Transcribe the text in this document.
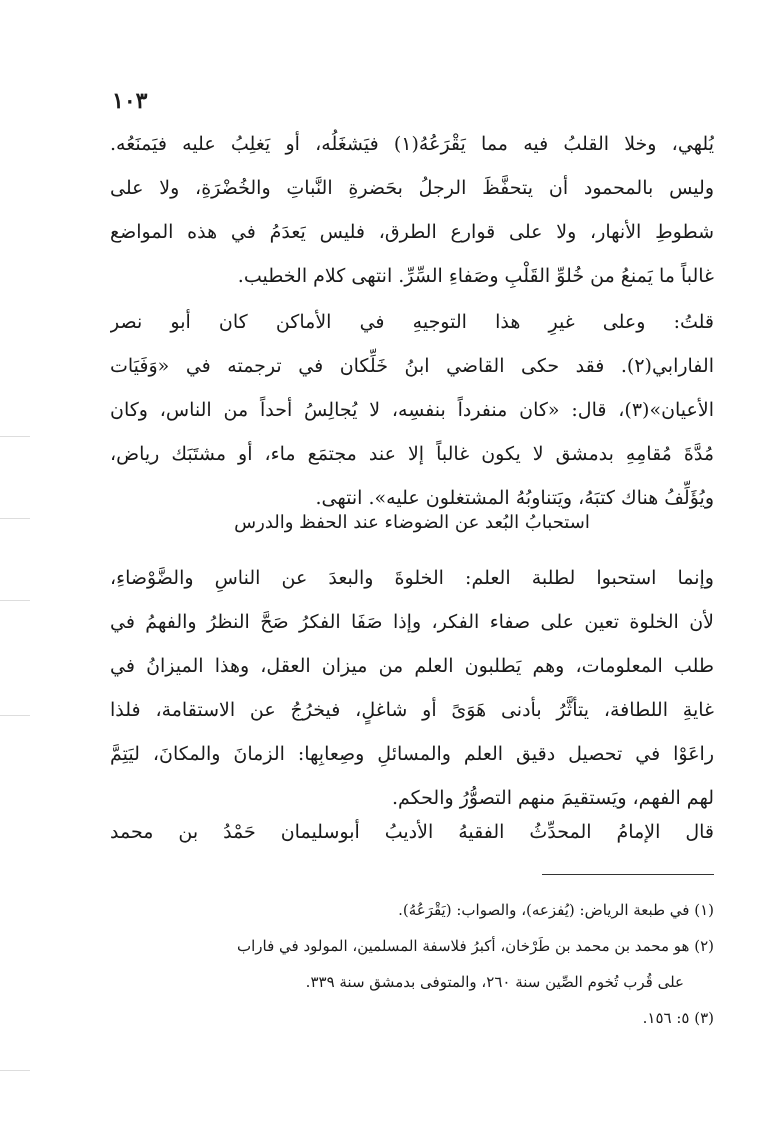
١٠٣
يُلهي، وخلا القلبُ فيه مما يَقْرَعُهُ(١) فيَشغَلُه، أو يَغلِبُ عليه فيَمنَعُه.
وليس بالمحمود أن يتحفَّظَ الرجلُ بحَضرةِ النَّباتِ والخُضْرَةِ، ولا على
شطوطِ الأنهار، ولا على قوارع الطرق، فليس يَعدَمُ في هذه المواضع
غالباً ما يَمنعُ من خُلوِّ القَلْبِ وصَفاءِ السِّرِّ. انتهى كلام الخطيب.
قلتُ: وعلى غيرِ هذا التوجيهِ في الأماكن كان أبو نصر
الفارابي(٢). فقد حكى القاضي ابنُ خَلِّكان في ترجمته في «وَفَيَات
الأعيان»(٣)، قال: «كان منفرداً بنفسِه، لا يُجالِسُ أحداً من الناس، وكان
مُدَّةَ مُقامِهِ بدمشق لا يكون غالباً إلا عند مجتمَع ماء، أو مشتَبَك رياض،
ويُؤَلِّفُ هناك كتبَهُ، ويَتناوبُهُ المشتغلون عليه». انتهى.
استحبابُ البُعد عن الضوضاء عند الحفظ والدرس
وإنما استحبوا لطلبة العلم: الخلوةَ والبعدَ عن الناسِ والضَّوْضاءِ،
لأن الخلوة تعين على صفاء الفكر، وإذا صَفَا الفكرُ صَحَّ النظرُ والفهمُ في
طلب المعلومات، وهم يَطلبون العلم من ميزان العقل، وهذا الميزانُ في
غايةِ اللطافة، يتأثَّرُ بأدنى هَوَىً أو شاغلٍ، فيخرُجُ عن الاستقامة، فلذا
راعَوْا في تحصيل دقيق العلم والمسائلِ وصِعابِها: الزمانَ والمكانَ، ليَتِمَّ
لهم الفهم، ويَستقيمَ منهم التصوُّرُ والحكم.
قال الإمامُ المحدِّثُ الفقيهُ الأديبُ أبوسليمان حَمْدُ بن محمد
(١) في طبعة الرياض: (يُفزعه)، والصواب: (يَقْرَعُهُ).
(٢) هو محمد بن محمد بن طَرْخان، أكبرُ فلاسفة المسلمين، المولود في فاراب
على قُرب تُخوم الصِّين سنة ٢٦٠، والمتوفى بدمشق سنة ٣٣٩.
(٣) ٥: ١٥٦.
